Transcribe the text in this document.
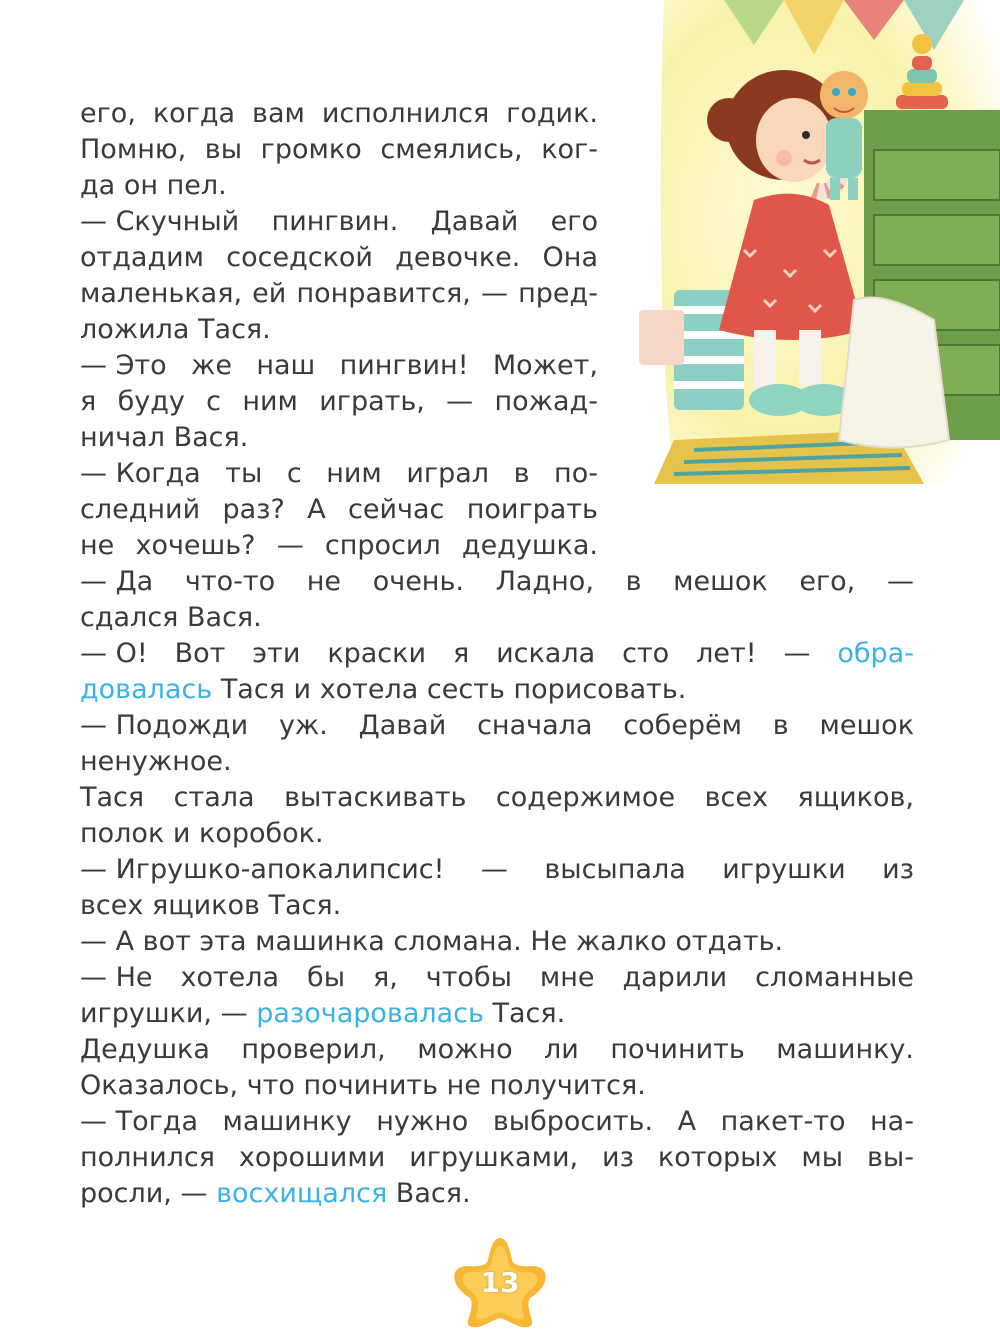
его, когда вам исполнился годик.
Помню, вы громко смеялись, ког-
да он пел.
— Скучный пингвин. Давай его
отдадим соседской девочке. Она
маленькая, ей понравится, — пред-
ложила Тася.
— Это же наш пингвин! Может,
я буду с ним играть, — пожад-
ничал Вася.
— Когда ты с ним играл в по-
следний раз? А сейчас поиграть
не хочешь? — спросил дедушка.
— Да что-то не очень. Ладно, в мешок его, —
сдался Вася.
— О! Вот эти краски я искала сто лет! — обра-
довалась Тася и хотела сесть порисовать.
— Подожди уж. Давай сначала соберём в мешок
ненужное.
Тася стала вытаскивать содержимое всех ящиков,
полок и коробок.
— Игрушко-апокалипсис! — высыпала игрушки из
всех ящиков Тася.
— А вот эта машинка сломана. Не жалко отдать.
— Не хотела бы я, чтобы мне дарили сломанные
игрушки, — разочаровалась Тася.
Дедушка проверил, можно ли починить машинку.
Оказалось, что починить не получится.
— Тогда машинку нужно выбросить. А пакет-то на-
полнился хорошими игрушками, из которых мы вы-
росли, — восхищался Вася.
13
